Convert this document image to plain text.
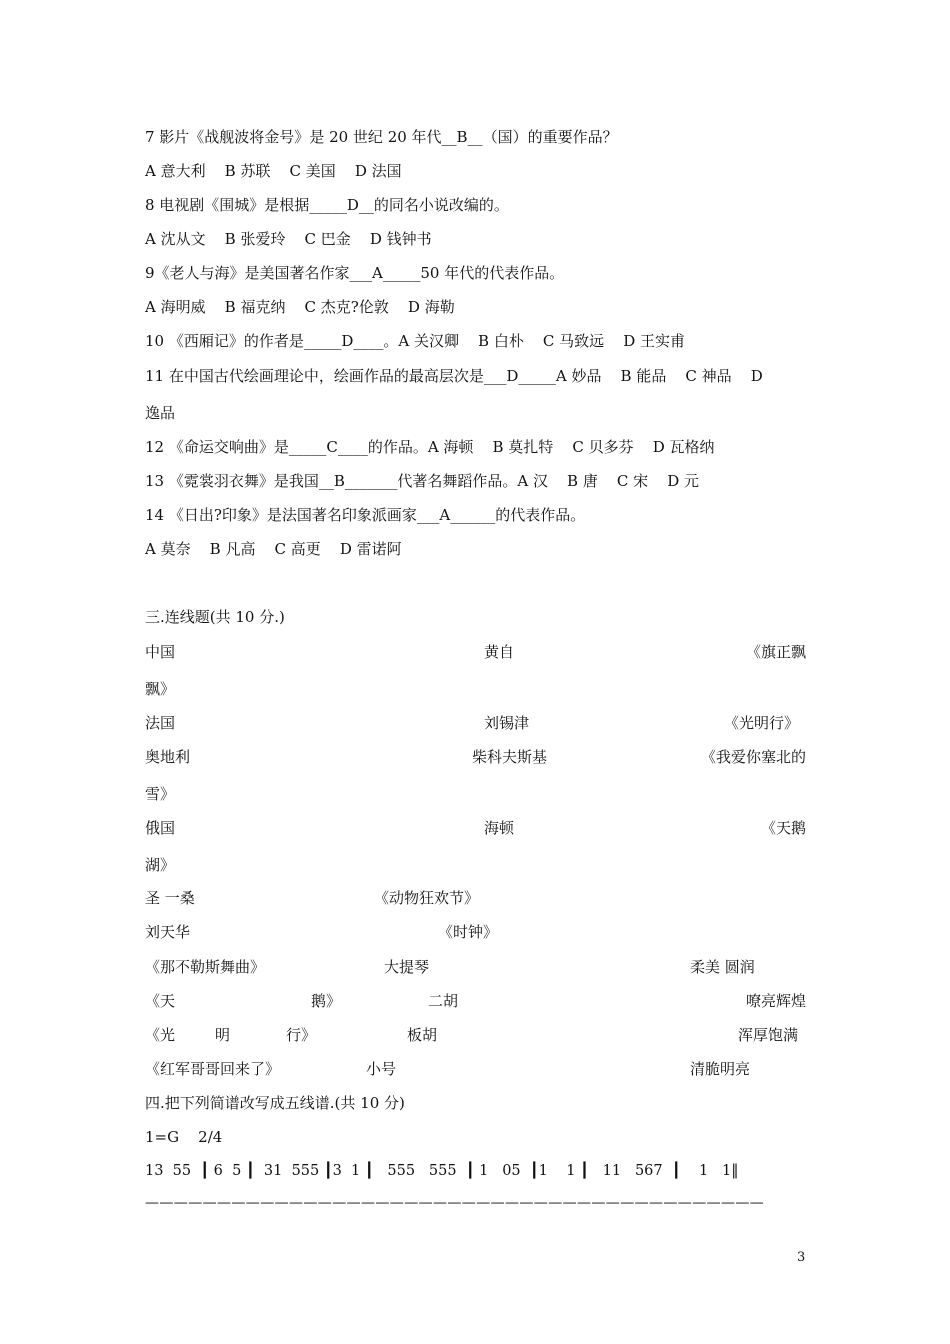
7 影片《战舰波将金号》是 20 世纪 20 年代__B__（国）的重要作品？
A 意大利    B 苏联    C 美国    D 法国
8 电视剧《围城》是根据_____D__的同名小说改编的。
A 沈从文    B 张爱玲    C 巴金    D 钱钟书
9《老人与海》是美国著名作家___A_____50 年代的代表作品。
A 海明威    B 福克纳    C 杰克?伦敦    D 海勒
10 《西厢记》的作者是_____D____。A 关汉卿    B 白朴    C 马致远    D 王实甫
11 在中国古代绘画理论中，绘画作品的最高层次是___D_____A 妙品    B 能品    C 神品    D
逸品
12 《命运交响曲》是_____C____的作品。A 海顿    B 莫扎特    C 贝多芬    D 瓦格纳
13 《霓裳羽衣舞》是我国__B_______代著名舞蹈作品。A 汉    B 唐    C 宋    D 元
14 《日出?印象》是法国著名印象派画家___A______的代表作品。
A 莫奈    B 凡高    C 高更    D 雷诺阿
三.连线题(共 10 分.)
中国	黄自	《旗正飘
飘》
法国	刘锡津	《光明行》
奥地利	柴科夫斯基	《我爱你塞北的
雪》
俄国	海顿	《天鹅
湖》
圣 一桑	《动物狂欢节》
刘天华	《时钟》
《那不勒斯舞曲》	大提琴	柔美 圆润
《天	鹅》	二胡	嘹亮辉煌
《光	明	行》	板胡	浑厚饱满
《红军哥哥回来了》	小号	清脆明亮
四.把下列简谱改写成五线谱.(共 10 分)
1=G    2/4
13  55  ┃ 6  5 ┃  31  555 ┃3  1 ┃   555   555  ┃ 1   05  ┃1    1 ┃   11   567  ┃    1   1‖
———————————————————————————————————————————
3
